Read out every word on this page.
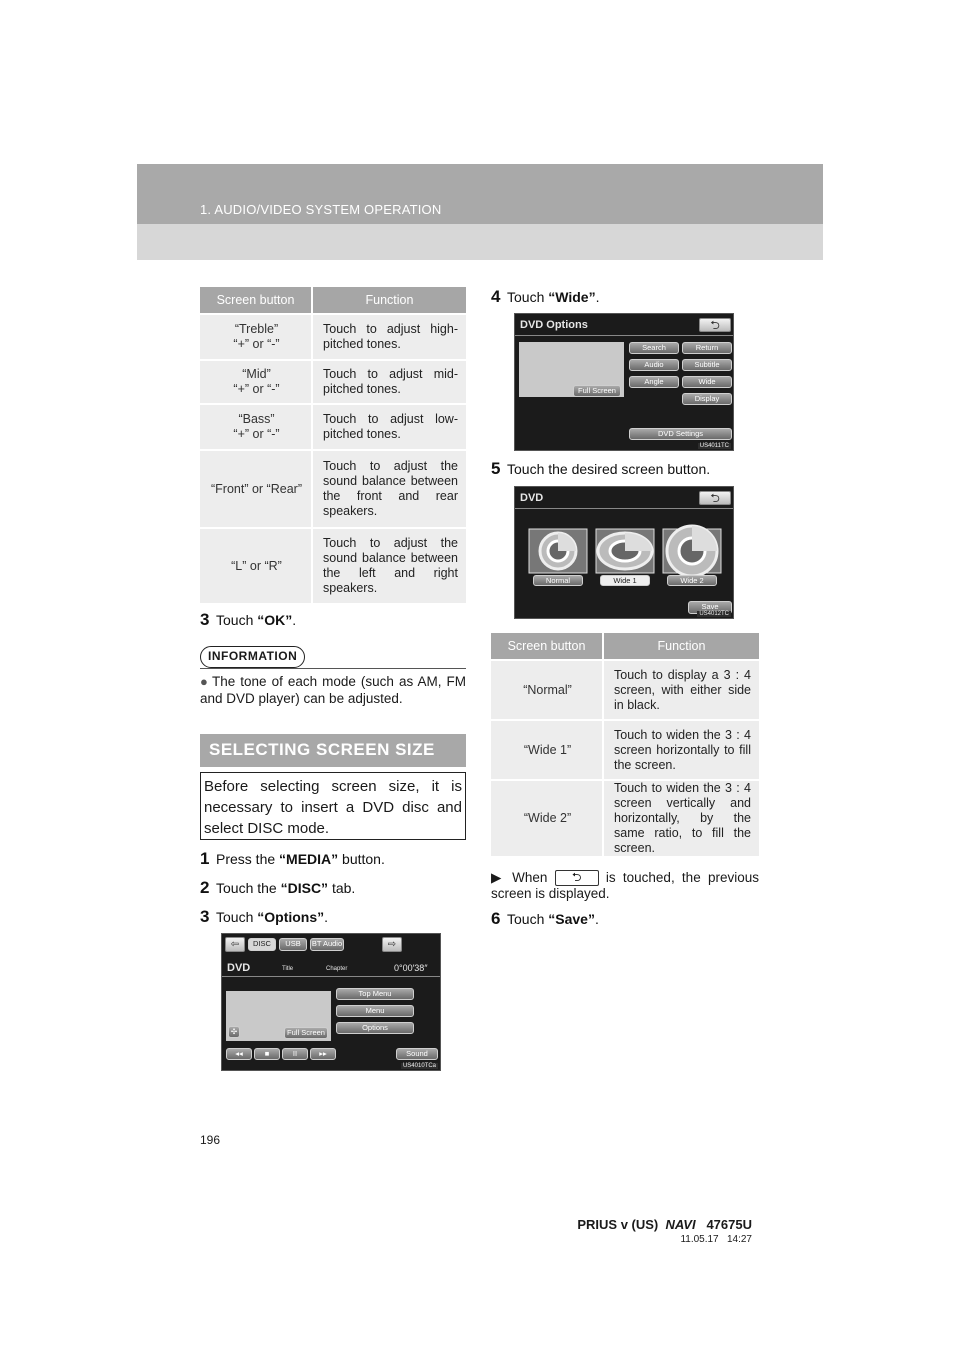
1. AUDIO/VIDEO SYSTEM OPERATION
Screen button	Function
“Treble”
“+” or “-”	Touch to adjust high-pitched tones.
“Mid”
“+” or “-”	Touch to adjust mid-pitched tones.
“Bass”
“+” or “-”	Touch to adjust low-pitched tones.
“Front” or “Rear”	Touch to adjust the sound balance between the front and rear speakers.
“L” or “R”	Touch to adjust the sound balance between the left and right speakers.
3 Touch “OK”.
INFORMATION
● The tone of each mode (such as AM, FM and DVD player) can be adjusted.
SELECTING SCREEN SIZE
Before selecting screen size, it is necessary to insert a DVD disc and select DISC mode.
1 Press the “MEDIA” button.
2 Touch the “DISC” tab.
3 Touch “Options”.
⇦	DISC	USB	BT Audio	⇨
DVD	Title	Chapter	0°00′38″
Full Screen
✣
Top Menu
Menu
Options
◂◂	■	II	▸▸	Sound
US4010TCa
4 Touch “Wide”.
DVD Options	⮌
Full Screen
Search	Return
Audio	Subtitle
Angle	Wide
Display
DVD Settings
US4011TC
5 Touch the desired screen button.
DVD	⮌
Normal	Wide 1	Wide 2
Save
US4012TC
Screen button	Function
“Normal”	Touch to display a 3 : 4 screen, with either side in black.
“Wide 1”	Touch to widen the 3 : 4 screen horizontally to fill the screen.
“Wide 2”	Touch to widen the 3 : 4 screen vertically and horizontally, by the same ratio, to fill the screen.
▶ When ⮌ is touched, the previous screen is displayed.
6 Touch “Save”.
196
PRIUS v (US) NAVI 47675U
11.05.17 14:27
